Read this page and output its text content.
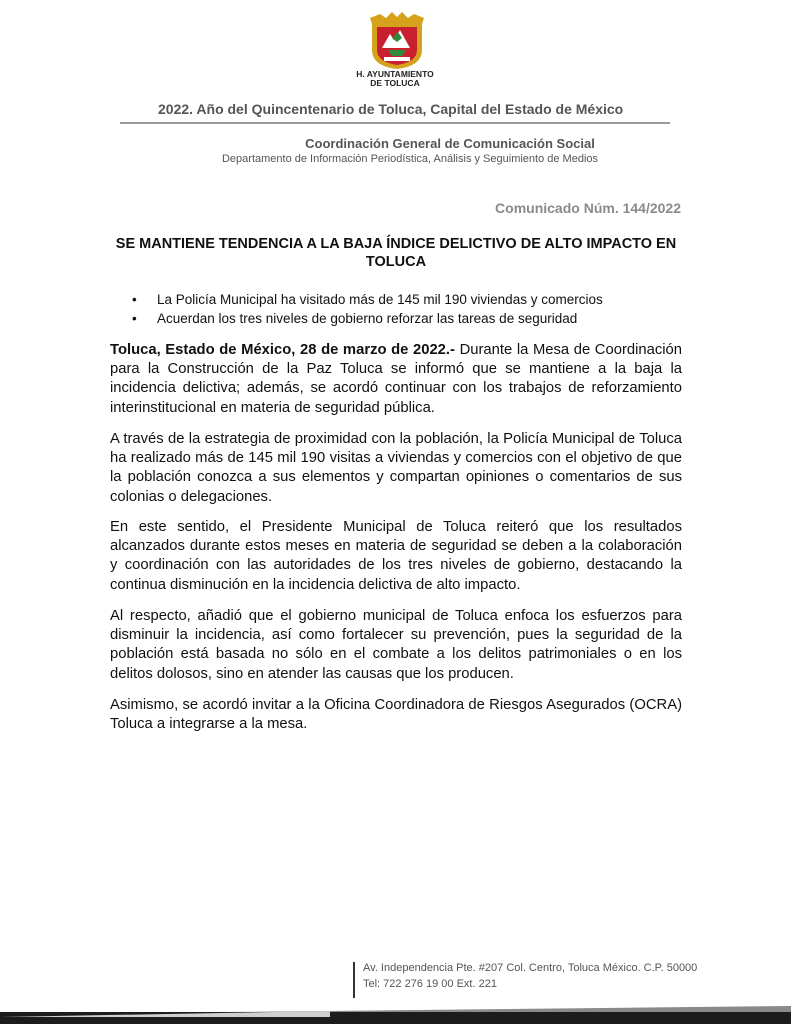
H. AYUNTAMIENTO
DE TOLUCA
2022. Año del Quincentenario de Toluca, Capital del Estado de México
Coordinación General de Comunicación Social
Departamento de Información Periodística, Análisis y Seguimiento de Medios
Comunicado Núm. 144/2022
SE MANTIENE TENDENCIA A LA BAJA ÍNDICE DELICTIVO DE ALTO IMPACTO EN TOLUCA
• La Policía Municipal ha visitado más de 145 mil 190 viviendas y comercios
• Acuerdan los tres niveles de gobierno reforzar las tareas de seguridad

Toluca, Estado de México, 28 de marzo de 2022.- Durante la Mesa de Coordinación para la Construcción de la Paz Toluca se informó que se mantiene a la baja la incidencia delictiva; además, se acordó continuar con los trabajos de reforzamiento interinstitucional en materia de seguridad pública.

A través de la estrategia de proximidad con la población, la Policía Municipal de Toluca ha realizado más de 145 mil 190 visitas a viviendas y comercios con el objetivo de que la población conozca a sus elementos y compartan opiniones o comentarios de sus colonias o delegaciones.

En este sentido, el Presidente Municipal de Toluca reiteró que los resultados alcanzados durante estos meses en materia de seguridad se deben a la colaboración y coordinación con las autoridades de los tres niveles de gobierno, destacando la continua disminución en la incidencia delictiva de alto impacto.

Al respecto, añadió que el gobierno municipal de Toluca enfoca los esfuerzos para disminuir la incidencia, así como fortalecer su prevención, pues la seguridad de la población está basada no sólo en el combate a los delitos patrimoniales o en los delitos dolosos, sino en atender las causas que los producen.

Asimismo, se acordó invitar a la Oficina Coordinadora de Riesgos Asegurados (OCRA) Toluca a integrarse a la mesa.

Av. Independencia Pte. #207 Col. Centro, Toluca México. C.P. 50000
Tel: 722 276 19 00 Ext. 221
